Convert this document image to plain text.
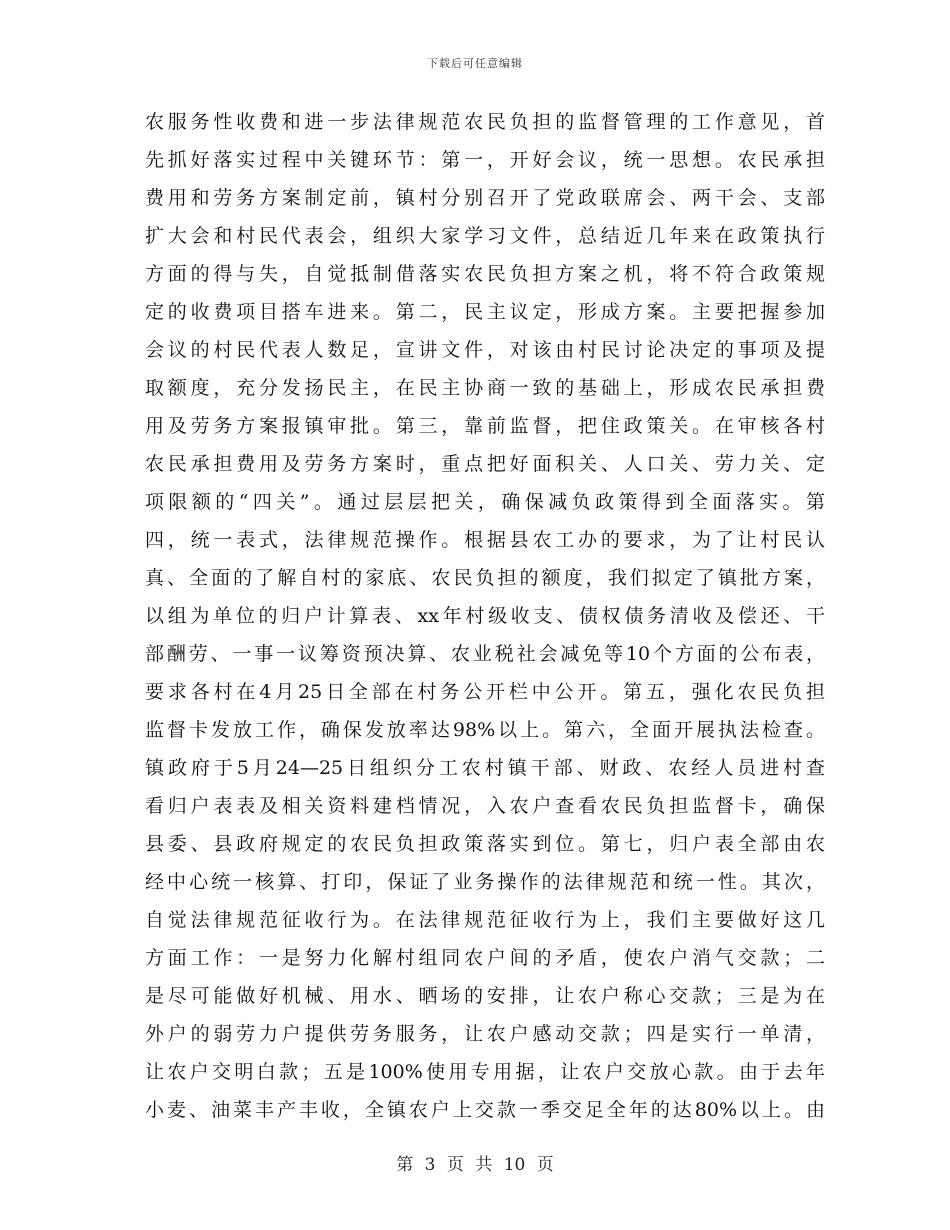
下载后可任意编辑
农服务性收费和进一步法律规范农民负担的监督管理的工作意见，首
先抓好落实过程中关键环节：第一，开好会议，统一思想。农民承担
费用和劳务方案制定前，镇村分别召开了党政联席会、两干会、支部
扩大会和村民代表会，组织大家学习文件，总结近几年来在政策执行
方面的得与失，自觉抵制借落实农民负担方案之机，将不符合政策规
定的收费项目搭车进来。第二，民主议定，形成方案。主要把握参加
会议的村民代表人数足，宣讲文件，对该由村民讨论决定的事项及提
取额度，充分发扬民主，在民主协商一致的基础上，形成农民承担费
用及劳务方案报镇审批。第三，靠前监督，把住政策关。在审核各村
农民承担费用及劳务方案时，重点把好面积关、人口关、劳力关、定
项限额的“四关”。通过层层把关，确保减负政策得到全面落实。第
四，统一表式，法律规范操作。根据县农工办的要求，为了让村民认
真、全面的了解自村的家底、农民负担的额度，我们拟定了镇批方案，
以组为单位的归户计算表、xx年村级收支、债权债务清收及偿还、干
部酬劳、一事一议筹资预决算、农业税社会减免等10个方面的公布表，
要求各村在4月25日全部在村务公开栏中公开。第五，强化农民负担
监督卡发放工作，确保发放率达98%以上。第六，全面开展执法检查。
镇政府于5月24—25日组织分工农村镇干部、财政、农经人员进村查
看归户表表及相关资料建档情况，入农户查看农民负担监督卡，确保
县委、县政府规定的农民负担政策落实到位。第七，归户表全部由农
经中心统一核算、打印，保证了业务操作的法律规范和统一性。其次，
自觉法律规范征收行为。在法律规范征收行为上，我们主要做好这几
方面工作：一是努力化解村组同农户间的矛盾，使农户消气交款；二
是尽可能做好机械、用水、晒场的安排，让农户称心交款；三是为在
外户的弱劳力户提供劳务服务，让农户感动交款；四是实行一单清，
让农户交明白款；五是100%使用专用据，让农户交放心款。由于去年
小麦、油菜丰产丰收，全镇农户上交款一季交足全年的达80%以上。由
第 3 页 共 10 页
